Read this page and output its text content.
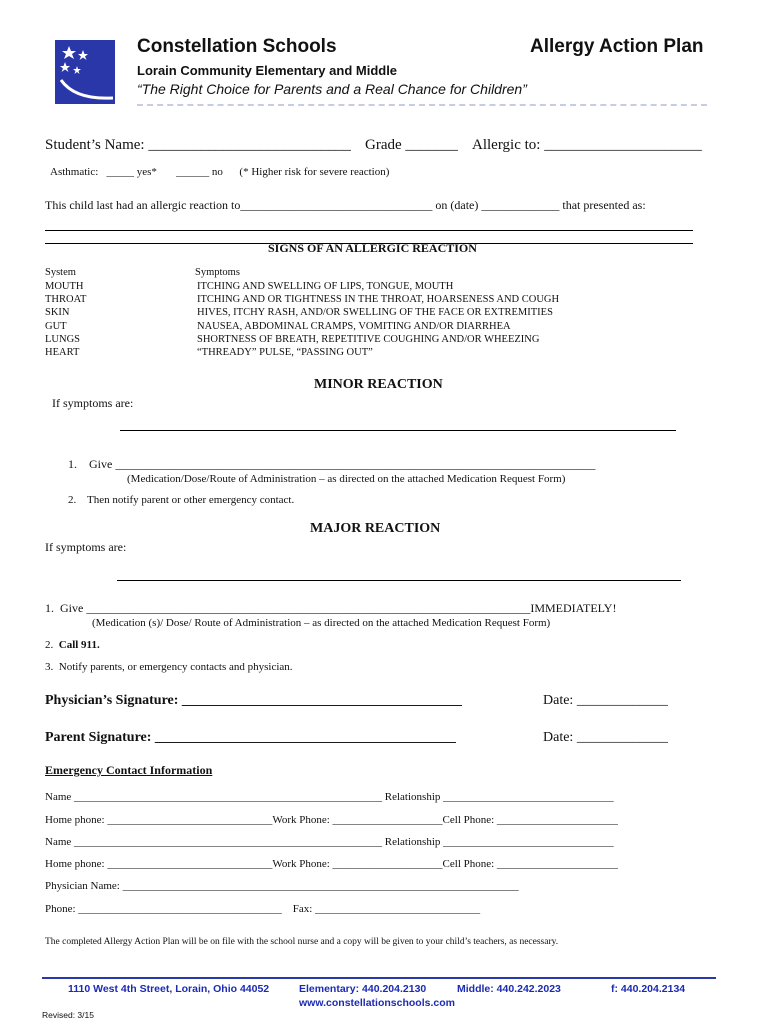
Constellation Schools	Allergy Action Plan
Lorain Community Elementary and Middle
“The Right Choice for Parents and a Real Chance for Children”
Student’s Name: ___________________________ Grade _______ Allergic to: _____________________
Asthmatic:   _____ yes*       ______ no      (* Higher risk for severe reaction)
This child last had an allergic reaction to________________________________ on (date) _____________ that presented as:
SIGNS OF AN ALLERGIC REACTION
System	Symptoms
MOUTH	ITCHING AND SWELLING OF LIPS, TONGUE, MOUTH
THROAT	ITCHING AND OR TIGHTNESS IN THE THROAT, HOARSENESS AND COUGH
SKIN	HIVES, ITCHY RASH, AND/OR SWELLING OF THE FACE OR EXTREMITIES
GUT	NAUSEA, ABDOMINAL CRAMPS, VOMITING AND/OR DIARRHEA
LUNGS	SHORTNESS OF BREATH, REPETITIVE COUGHING AND/OR WHEEZING
HEART	“THREADY” PULSE, “PASSING OUT”
MINOR REACTION
If symptoms are:
1.    Give ________________________________________________________________________________
(Medication/Dose/Route of Administration – as directed on the attached Medication Request Form)
2.    Then notify parent or other emergency contact.
MAJOR REACTION
If symptoms are:
1.  Give __________________________________________________________________________IMMEDIATELY!
(Medication (s)/ Dose/ Route of Administration – as directed on the attached Medication Request Form)
2.  Call 911.
3.  Notify parents, or emergency contacts and physician.
Physician’s Signature: ________________________________________	Date: _____________
Parent Signature: ___________________________________________	Date: _____________
Emergency Contact Information
Name ________________________________________________________ Relationship _______________________________
Home phone: ______________________________Work Phone: ____________________Cell Phone: ______________________
Name ________________________________________________________ Relationship _______________________________
Home phone: ______________________________Work Phone: ____________________Cell Phone: ______________________
Physician Name: ________________________________________________________________________
Phone: _____________________________________    Fax: ______________________________
The completed Allergy Action Plan will be on file with the school nurse and a copy will be given to your child’s teachers, as necessary.
1110 West 4th Street, Lorain, Ohio 44052	Elementary: 440.204.2130	Middle: 440.242.2023	f: 440.204.2134
www.constellationschools.com
Revised: 3/15
